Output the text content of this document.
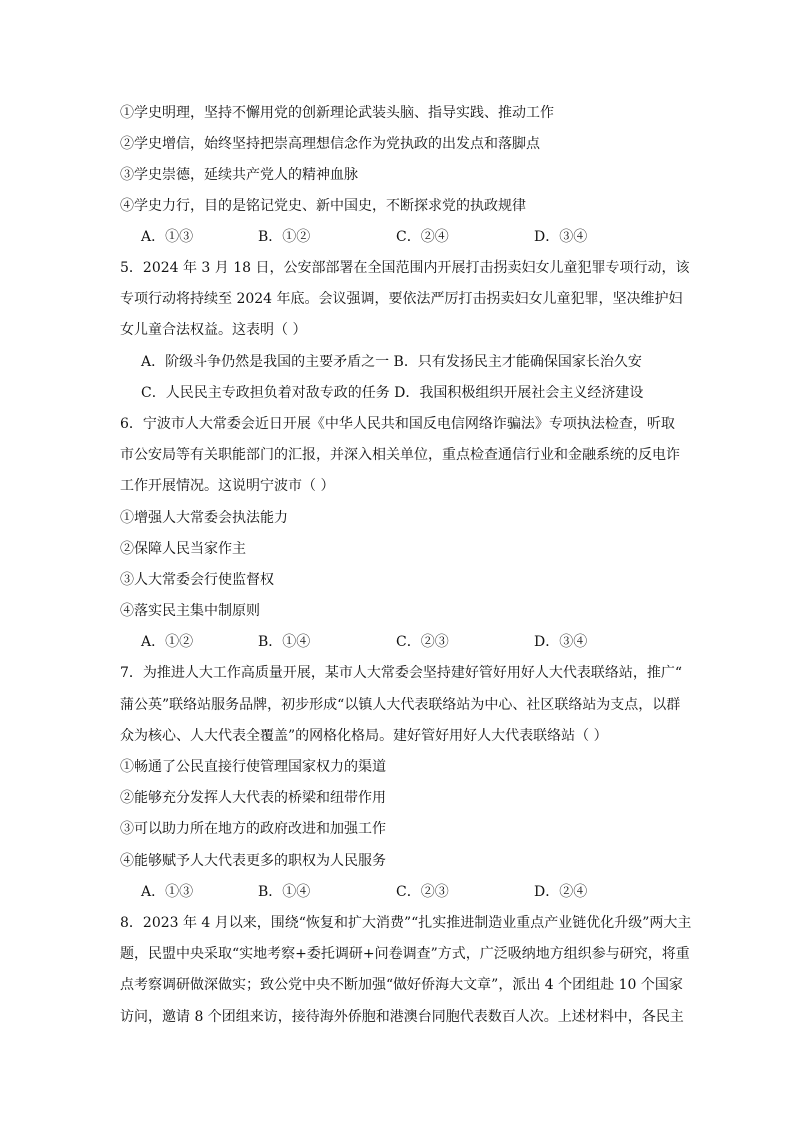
①学史明理，坚持不懈用党的创新理论武装头脑、指导实践、推动工作
②学史增信，始终坚持把崇高理想信念作为党执政的出发点和落脚点
③学史崇德，延续共产党人的精神血脉
④学史力行，目的是铭记党史、新中国史，不断探求党的执政规律
A．①③	B．①②	C．②④	D．③④
5．2024 年 3 月 18 日，公安部部署在全国范围内开展打击拐卖妇女儿童犯罪专项行动，该
专项行动将持续至 2024 年底。会议强调，要依法严厉打击拐卖妇女儿童犯罪，坚决维护妇
女儿童合法权益。这表明（ ）
A．阶级斗争仍然是我国的主要矛盾之一 B．只有发扬民主才能确保国家长治久安
C．人民民主专政担负着对敌专政的任务 D．我国积极组织开展社会主义经济建设
6．宁波市人大常委会近日开展《中华人民共和国反电信网络诈骗法》专项执法检查，听取
市公安局等有关职能部门的汇报，并深入相关单位，重点检查通信行业和金融系统的反电诈
工作开展情况。这说明宁波市（ ）
①增强人大常委会执法能力
②保障人民当家作主
③人大常委会行使监督权
④落实民主集中制原则
A．①②	B．①④	C．②③	D．③④
7．为推进人大工作高质量开展，某市人大常委会坚持建好管好用好人大代表联络站，推广“
蒲公英”联络站服务品牌，初步形成“以镇人大代表联络站为中心、社区联络站为支点，以群
众为核心、人大代表全覆盖”的网格化格局。建好管好用好人大代表联络站（ ）
①畅通了公民直接行使管理国家权力的渠道
②能够充分发挥人大代表的桥梁和纽带作用
③可以助力所在地方的政府改进和加强工作
④能够赋予人大代表更多的职权为人民服务
A．①③	B．①④	C．②③	D．②④
8．2023 年 4 月以来，围绕“恢复和扩大消费”“扎实推进制造业重点产业链优化升级”两大主
题，民盟中央采取“实地考察+委托调研+问卷调查”方式，广泛吸纳地方组织参与研究，将重
点考察调研做深做实；致公党中央不断加强“做好侨海大文章”，派出 4 个团组赴 10 个国家
访问，邀请 8 个团组来访，接待海外侨胞和港澳台同胞代表数百人次。上述材料中，各民主
